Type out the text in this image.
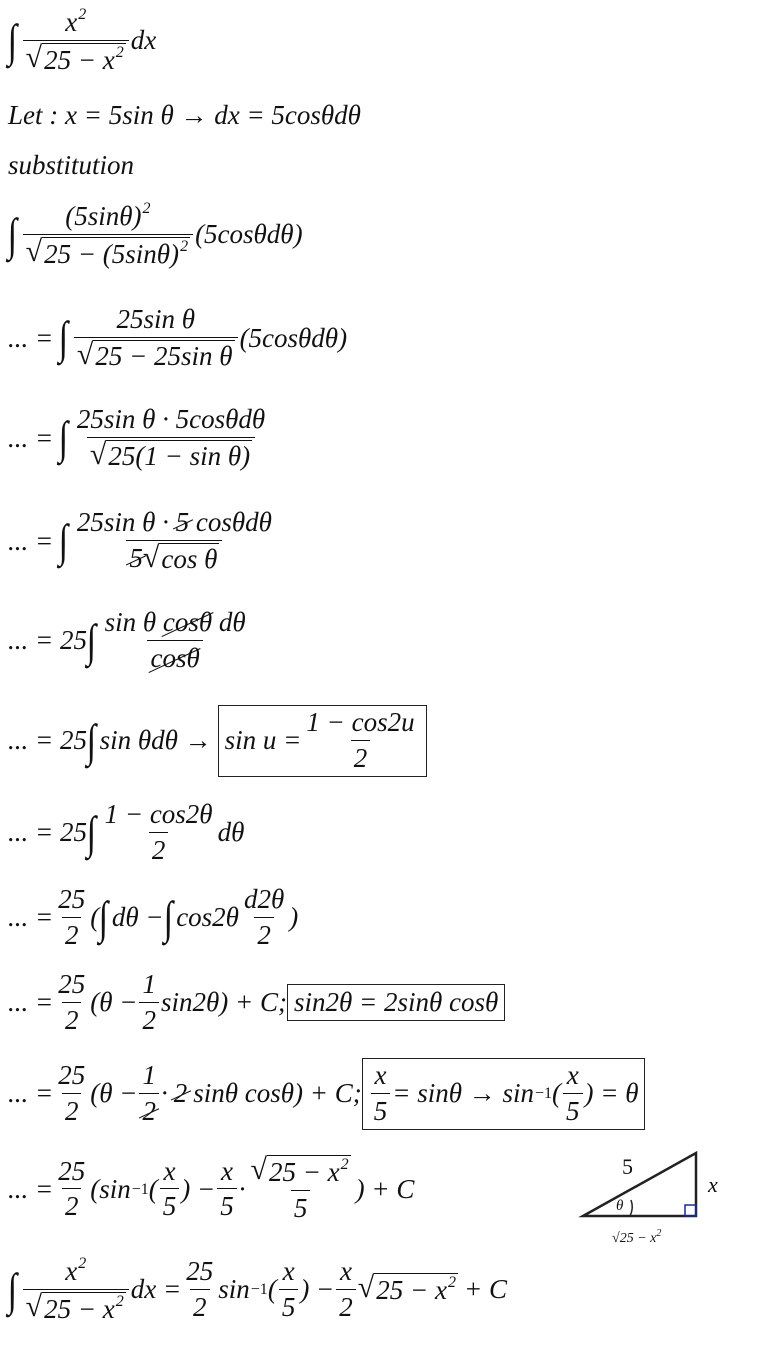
∫ $\frac{x^2}{√ 25 - x^2}$ dx
Let : x = 5sin θ → dx = 5cosθdθ
substitution
∫ $\frac{(5\sin\theta)^2}{√ 25 - (5\sin\theta)^2} (5\cos\theta d\theta)$
... = ∫ $\frac{\text{25sin θ}}{\text{√ 25 − 25sin θ}} (5\cos\theta d\theta)$
... = ∫ $\frac{\text{25sin θ · 5cosθdθ}}{\text{√ 25(1 − sin θ)}}$
... = ∫ $\frac{\text{25sin θ · 5 cosθdθ}}{\text{5 √ cos θ}}$
... = 25 ∫ $\frac{\text{sin θ cosθ dθ}}{\cos\theta}$
... = 25 ∫ $\sin \theta d\theta \to \sin u = \frac{1 - \cos 2u}{2}$
... = 25 ∫ $\frac{1 - \cos 2\theta}{2}$ dθ
... = $\frac{25}{2}$ ( ∫ dθ − ∫ $\cos 2\theta \frac{d2\theta}{2}$ )
... = $\frac{25}{2} (\theta - \frac{1}{2} \sin 2\theta) + C$; sin2θ = 2sinθ cosθ
... = $\frac{25}{2} (\theta - \frac{1}{2} \cdot 2$ sinθ cosθ) + C; $\frac{x}{5} = \sin\theta \to \sin -1$ ( $\frac{x}{5}$ ) = θ
... = $\frac{25}{2} (\sin -1$ ( $\frac{x}{5}$ ) − $\frac{x}{5} \cdot \frac{√ 25 - x^2}{5}$ ) + C
5
x
θ
$√25 - x^2$
∫ $\frac{x^2}{√ 25 - x^2}$ dx = $\frac{25}{2}$ sin −1 ( $\frac{x}{5}$ ) − $\frac{x}{2}$ √ $25 - x^2 + C$
